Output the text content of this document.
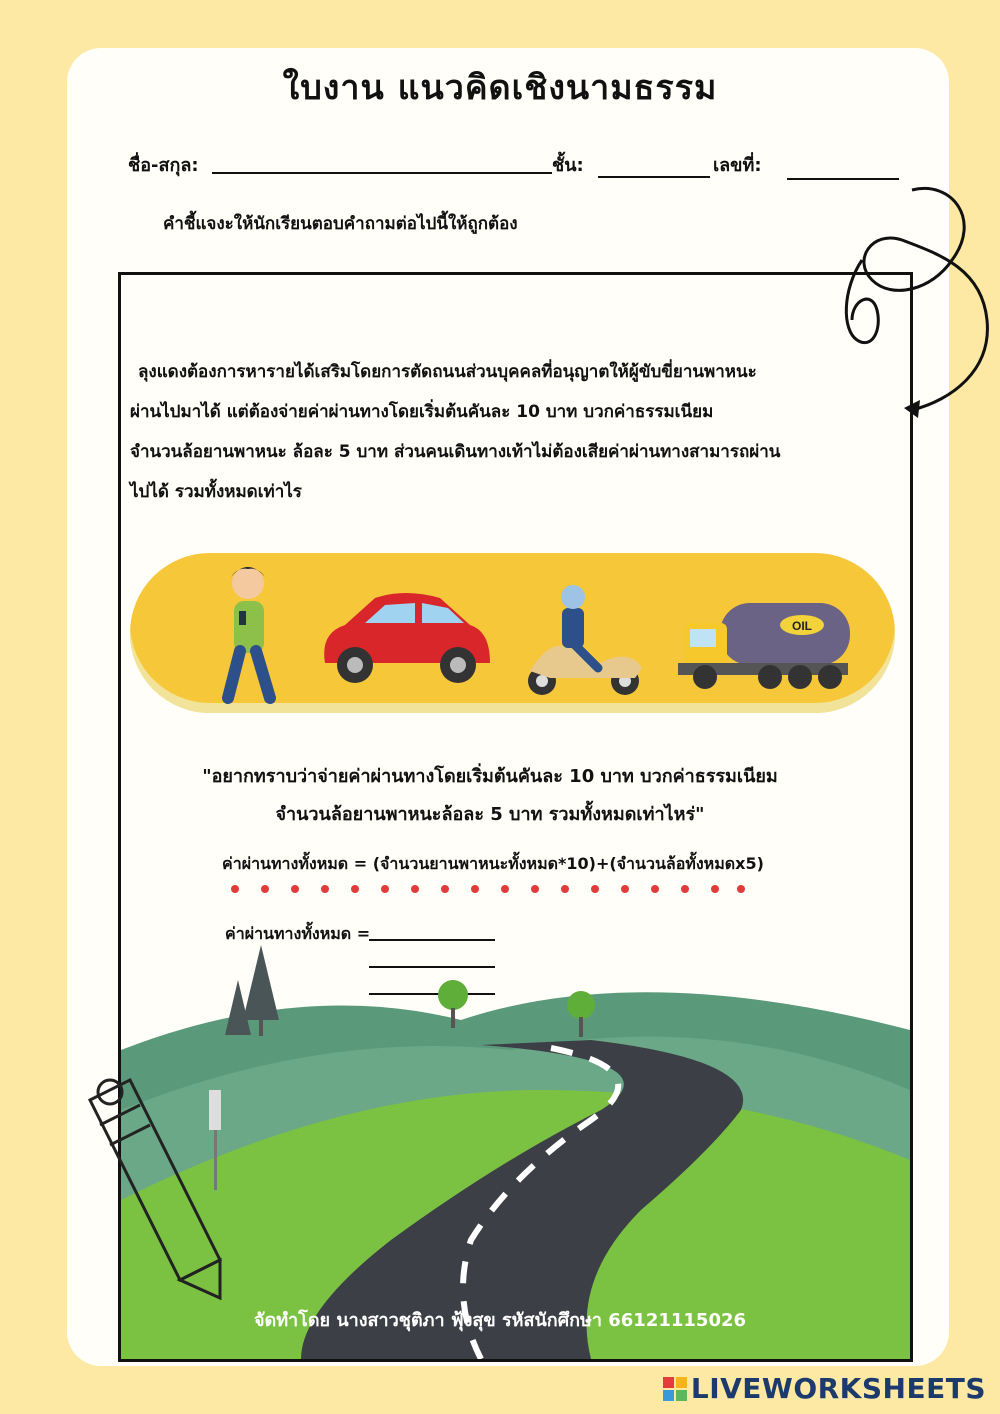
ใบงาน แนวคิดเชิงนามธรรม
ชื่อ-สกุล:	ชั้น:	เลขที่:
คำชี้แจงะให้นักเรียนตอบคำถามต่อไปนี้ให้ถูกต้อง

ลุงแดงต้องการหารายได้เสริมโดยการตัดถนนส่วนบุคคลที่อนุญาตให้ผู้ขับขี่ยานพาหนะ

ผ่านไปมาได้ แต่ต้องจ่ายค่าผ่านทางโดยเริ่มต้นคันละ 10 บาท บวกค่าธรรมเนียม

จำนวนล้อยานพาหนะ ล้อละ 5 บาท ส่วนคนเดินทางเท้าไม่ต้องเสียค่าผ่านทางสามารถผ่าน

ไปได้ รวมทั้งหมดเท่าไร

OIL
"อยากทราบว่าจ่ายค่าผ่านทางโดยเริ่มต้นคันละ 10 บาท บวกค่าธรรมเนียม
จำนวนล้อยานพาหนะล้อละ 5 บาท รวมทั้งหมดเท่าไหร่"
ค่าผ่านทางทั้งหมด = (จำนวนยานพาหนะทั้งหมด*10)+(จำนวนล้อทั้งหมดx5)
ค่าผ่านทางทั้งหมด =
จัดทำโดย นางสาวชุติภา ฟุ้งสุข รหัสนักศึกษา 66121115026
LIVEWORKSHEETS
